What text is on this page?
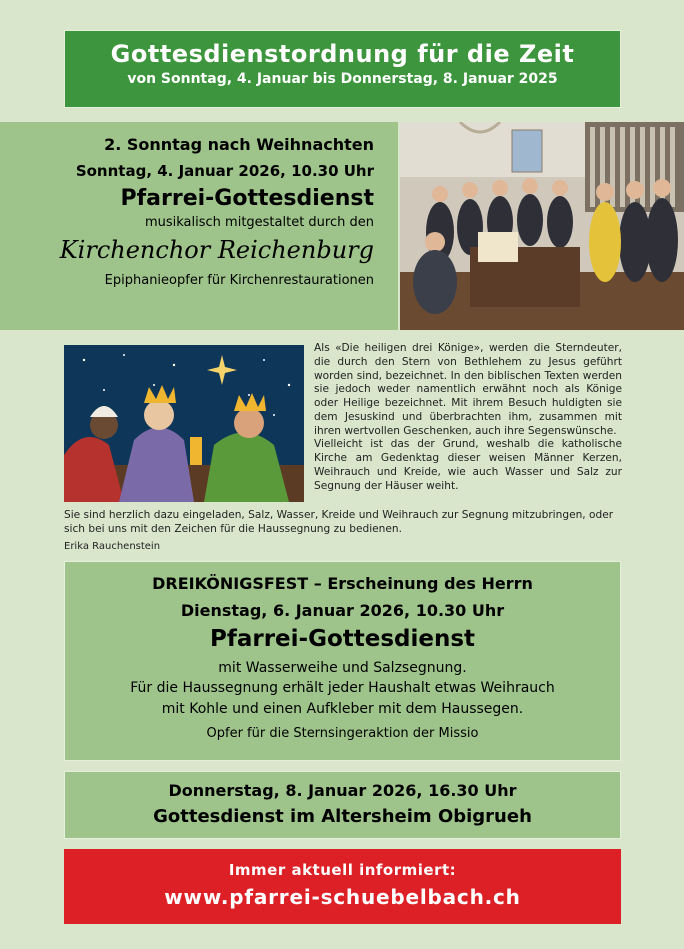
Gottesdienstordnung für die Zeit
von Sonntag, 4. Januar bis Donnerstag, 8. Januar 2025
2. Sonntag nach Weihnachten
Sonntag, 4. Januar 2026, 10.30 Uhr
Pfarrei-Gottesdienst
musikalisch mitgestaltet durch den
Kirchenchor Reichenburg
Epiphanieopfer für Kirchenrestaurationen

Als «Die heiligen drei Könige», werden die Sterndeuter, die durch den Stern von Bethlehem zu Jesus geführt worden sind, bezeichnet. In den biblischen Texten werden sie jedoch weder namentlich erwähnt noch als Könige oder Heilige bezeichnet. Mit ihrem Besuch huldigten sie dem Jesuskind und überbrachten ihm, zusammen mit ihren wertvollen Geschenken, auch ihre Segenswünsche.

Vielleicht ist das der Grund, weshalb die katholische Kirche am Gedenktag dieser weisen Männer Kerzen, Weihrauch und Kreide, wie auch Wasser und Salz zur Segnung der Häuser weiht.

Sie sind herzlich dazu eingeladen, Salz, Wasser, Kreide und Weihrauch zur Segnung mitzubringen, oder sich bei uns mit den Zeichen für die Haussegnung zu bedienen.
Erika Rauchenstein
DREIKÖNIGSFEST – Erscheinung des Herrn
Dienstag, 6. Januar 2026, 10.30 Uhr
Pfarrei-Gottesdienst
mit Wasserweihe und Salzsegnung.
Für die Haussegnung erhält jeder Haushalt etwas Weihrauch
mit Kohle und einen Aufkleber mit dem Haussegen.
Opfer für die Sternsingeraktion der Missio
Donnerstag, 8. Januar 2026, 16.30 Uhr
Gottesdienst im Altersheim Obigrueh
Immer aktuell informiert:
www.pfarrei-schuebelbach.ch
